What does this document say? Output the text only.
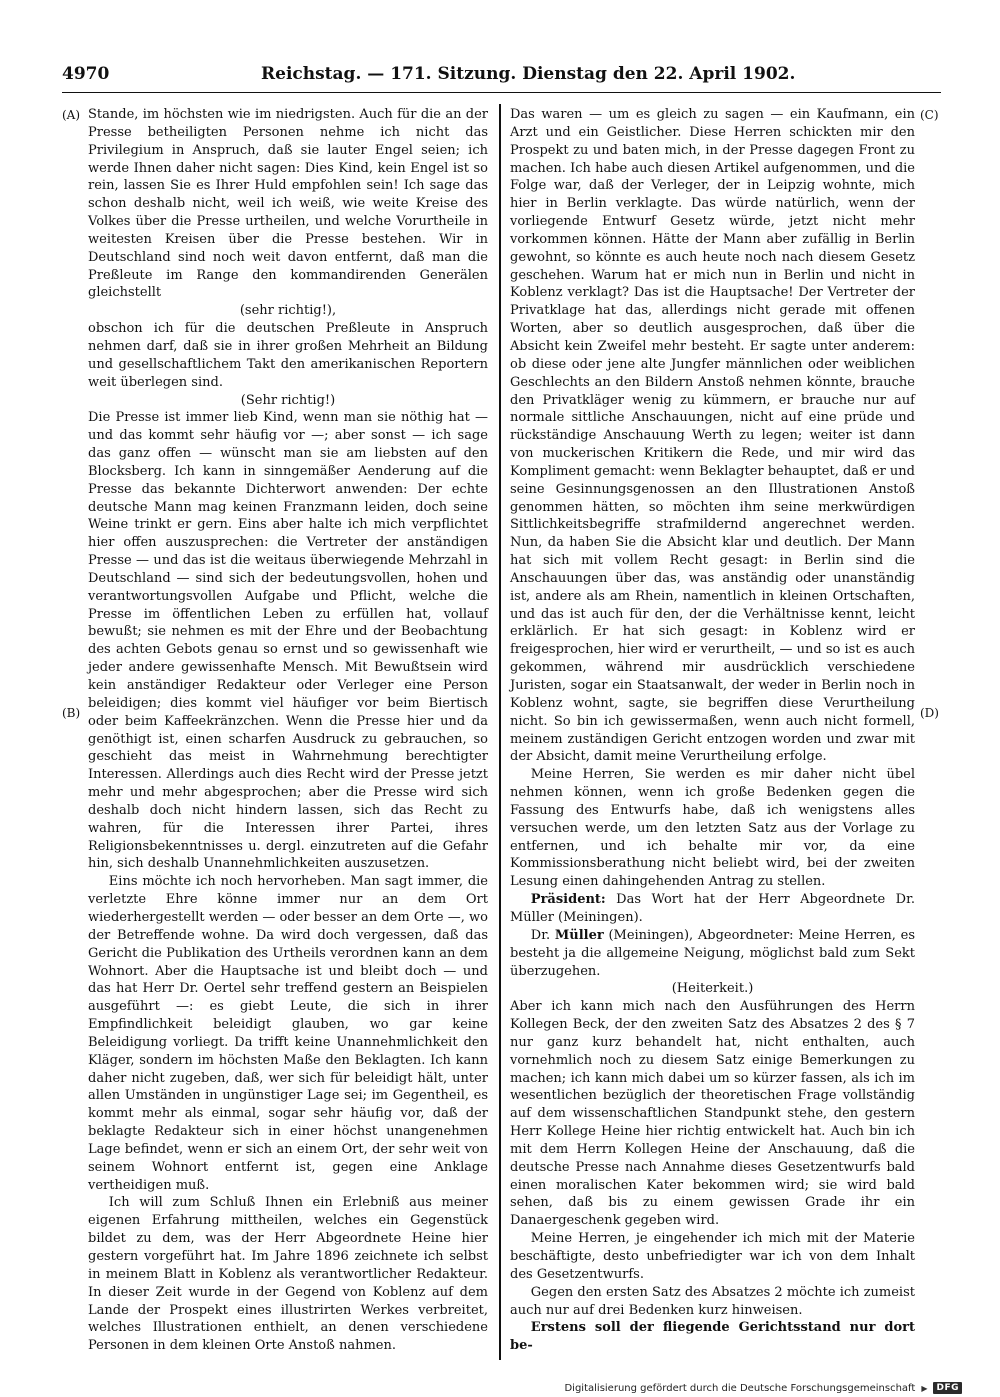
4970	Reichstag. — 171. Sitzung. Dienstag den 22. April 1902.
(A)
(B)
(C)
(D)

Stande, im höchsten wie im niedrigsten. Auch für die an der Presse betheiligten Personen nehme ich nicht das Privilegium in Anspruch, daß sie lauter Engel seien; ich werde Ihnen daher nicht sagen: Dies Kind, kein Engel ist so rein, lassen Sie es Ihrer Huld empfohlen sein! Ich sage das schon deshalb nicht, weil ich weiß, wie weite Kreise des Volkes über die Presse urtheilen, und welche Vorurtheile in weitesten Kreisen über die Presse bestehen. Wir in Deutschland sind noch weit davon entfernt, daß man die Preßleute im Range den kommandirenden Generälen gleichstellt

(sehr richtig!),

obschon ich für die deutschen Preßleute in Anspruch nehmen darf, daß sie in ihrer großen Mehrheit an Bildung und gesellschaftlichem Takt den amerikanischen Reportern weit überlegen sind.

(Sehr richtig!)

Die Presse ist immer lieb Kind, wenn man sie nöthig hat — und das kommt sehr häufig vor —; aber sonst — ich sage das ganz offen — wünscht man sie am liebsten auf den Blocksberg. Ich kann in sinngemäßer Aenderung auf die Presse das bekannte Dichterwort anwenden: Der echte deutsche Mann mag keinen Franzmann leiden, doch seine Weine trinkt er gern. Eins aber halte ich mich verpflichtet hier offen auszusprechen: die Vertreter der anständigen Presse — und das ist die weitaus überwiegende Mehrzahl in Deutschland — sind sich der bedeutungsvollen, hohen und verantwortungsvollen Aufgabe und Pflicht, welche die Presse im öffentlichen Leben zu erfüllen hat, vollauf bewußt; sie nehmen es mit der Ehre und der Beobachtung des achten Gebots genau so ernst und so gewissenhaft wie jeder andere gewissenhafte Mensch. Mit Bewußtsein wird kein anständiger Redakteur oder Verleger eine Person beleidigen; dies kommt viel häufiger vor beim Biertisch oder beim Kaffeekränzchen. Wenn die Presse hier und da genöthigt ist, einen scharfen Ausdruck zu gebrauchen, so geschieht das meist in Wahrnehmung berechtigter Interessen. Allerdings auch dies Recht wird der Presse jetzt mehr und mehr abgesprochen; aber die Presse wird sich deshalb doch nicht hindern lassen, sich das Recht zu wahren, für die Interessen ihrer Partei, ihres Religionsbekenntnisses u. dergl. einzutreten auf die Gefahr hin, sich deshalb Unannehmlichkeiten auszusetzen.

Eins möchte ich noch hervorheben. Man sagt immer, die verletzte Ehre könne immer nur an dem Ort wiederhergestellt werden — oder besser an dem Orte —, wo der Betreffende wohne. Da wird doch vergessen, daß das Gericht die Publikation des Urtheils verordnen kann an dem Wohnort. Aber die Hauptsache ist und bleibt doch — und das hat Herr Dr. Oertel sehr treffend gestern an Beispielen ausgeführt —: es giebt Leute, die sich in ihrer Empfindlichkeit beleidigt glauben, wo gar keine Beleidigung vorliegt. Da trifft keine Unannehmlichkeit den Kläger, sondern im höchsten Maße den Beklagten. Ich kann daher nicht zugeben, daß, wer sich für beleidigt hält, unter allen Umständen in ungünstiger Lage sei; im Gegentheil, es kommt mehr als einmal, sogar sehr häufig vor, daß der beklagte Redakteur sich in einer höchst unangenehmen Lage befindet, wenn er sich an einem Ort, der sehr weit von seinem Wohnort entfernt ist, gegen eine Anklage vertheidigen muß.

Ich will zum Schluß Ihnen ein Erlebniß aus meiner eigenen Erfahrung mittheilen, welches ein Gegenstück bildet zu dem, was der Herr Abgeordnete Heine hier gestern vorgeführt hat. Im Jahre 1896 zeichnete ich selbst in meinem Blatt in Koblenz als verantwortlicher Redakteur. In dieser Zeit wurde in der Gegend von Koblenz auf dem Lande der Prospekt eines illustrirten Werkes verbreitet, welches Illustrationen enthielt, an denen verschiedene Personen in dem kleinen Orte Anstoß nahmen.

Das waren — um es gleich zu sagen — ein Kaufmann, ein Arzt und ein Geistlicher. Diese Herren schickten mir den Prospekt zu und baten mich, in der Presse dagegen Front zu machen. Ich habe auch diesen Artikel aufgenommen, und die Folge war, daß der Verleger, der in Leipzig wohnte, mich hier in Berlin verklagte. Das würde natürlich, wenn der vorliegende Entwurf Gesetz würde, jetzt nicht mehr vorkommen können. Hätte der Mann aber zufällig in Berlin gewohnt, so könnte es auch heute noch nach diesem Gesetz geschehen. Warum hat er mich nun in Berlin und nicht in Koblenz verklagt? Das ist die Hauptsache! Der Vertreter der Privatklage hat das, allerdings nicht gerade mit offenen Worten, aber so deutlich ausgesprochen, daß über die Absicht kein Zweifel mehr besteht. Er sagte unter anderem: ob diese oder jene alte Jungfer männlichen oder weiblichen Geschlechts an den Bildern Anstoß nehmen könnte, brauche den Privatkläger wenig zu kümmern, er brauche nur auf normale sittliche Anschauungen, nicht auf eine prüde und rückständige Anschauung Werth zu legen; weiter ist dann von muckerischen Kritikern die Rede, und mir wird das Kompliment gemacht: wenn Beklagter behauptet, daß er und seine Gesinnungsgenossen an den Illustrationen Anstoß genommen hätten, so möchten ihm seine merkwürdigen Sittlichkeitsbegriffe strafmildernd angerechnet werden. Nun, da haben Sie die Absicht klar und deutlich. Der Mann hat sich mit vollem Recht gesagt: in Berlin sind die Anschauungen über das, was anständig oder unanständig ist, andere als am Rhein, namentlich in kleinen Ortschaften, und das ist auch für den, der die Verhältnisse kennt, leicht erklärlich. Er hat sich gesagt: in Koblenz wird er freigesprochen, hier wird er verurtheilt, — und so ist es auch gekommen, während mir ausdrücklich verschiedene Juristen, sogar ein Staatsanwalt, der weder in Berlin noch in Koblenz wohnt, sagte, sie begriffen diese Verurtheilung nicht. So bin ich gewissermaßen, wenn auch nicht formell, meinem zuständigen Gericht entzogen worden und zwar mit der Absicht, damit meine Verurtheilung erfolge.

Meine Herren, Sie werden es mir daher nicht übel nehmen können, wenn ich große Bedenken gegen die Fassung des Entwurfs habe, daß ich wenigstens alles versuchen werde, um den letzten Satz aus der Vorlage zu entfernen, und ich behalte mir vor, da eine Kommissionsberathung nicht beliebt wird, bei der zweiten Lesung einen dahingehenden Antrag zu stellen.

Präsident: Das Wort hat der Herr Abgeordnete Dr. Müller (Meiningen).

Dr. Müller (Meiningen), Abgeordneter: Meine Herren, es besteht ja die allgemeine Neigung, möglichst bald zum Sekt überzugehen.

(Heiterkeit.)

Aber ich kann mich nach den Ausführungen des Herrn Kollegen Beck, der den zweiten Satz des Absatzes 2 des § 7 nur ganz kurz behandelt hat, nicht enthalten, auch vornehmlich noch zu diesem Satz einige Bemerkungen zu machen; ich kann mich dabei um so kürzer fassen, als ich im wesentlichen bezüglich der theoretischen Frage vollständig auf dem wissenschaftlichen Standpunkt stehe, den gestern Herr Kollege Heine hier richtig entwickelt hat. Auch bin ich mit dem Herrn Kollegen Heine der Anschauung, daß die deutsche Presse nach Annahme dieses Gesetzentwurfs bald einen moralischen Kater bekommen wird; sie wird bald sehen, daß bis zu einem gewissen Grade ihr ein Danaergeschenk gegeben wird.

Meine Herren, je eingehender ich mich mit der Materie beschäftigte, desto unbefriedigter war ich von dem Inhalt des Gesetzentwurfs.

Gegen den ersten Satz des Absatzes 2 möchte ich zumeist auch nur auf drei Bedenken kurz hinweisen.

Erstens soll der fliegende Gerichtsstand nur dort be-

Digitalisierung gefördert durch die Deutsche Forschungsgemeinschaft ▶	DFG
